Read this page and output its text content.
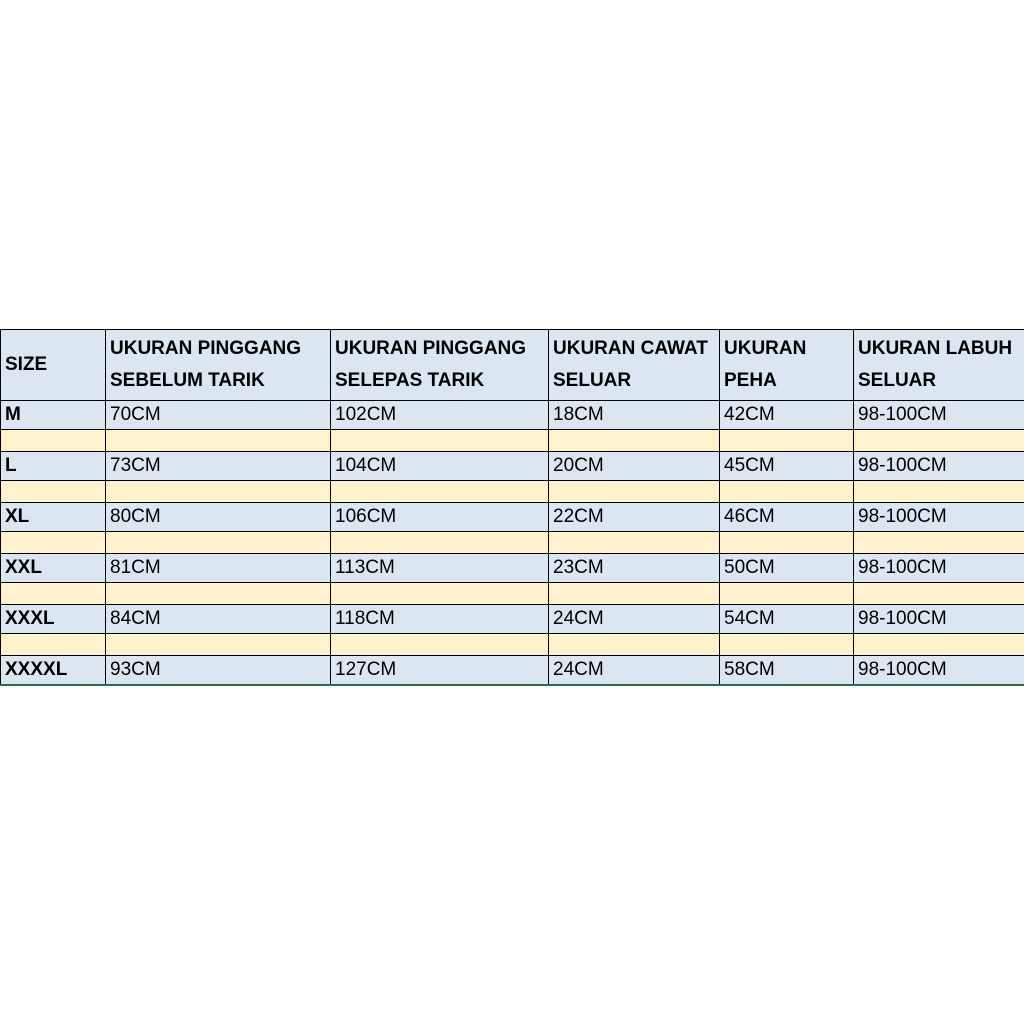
SIZE	UKURAN PINGGANG SEBELUM TARIK	UKURAN PINGGANG SELEPAS TARIK	UKURAN CAWAT SELUAR	UKURAN PEHA	UKURAN LABUH SELUAR
M	70CM	102CM	18CM	42CM	98-100CM

L	73CM	104CM	20CM	45CM	98-100CM

XL	80CM	106CM	22CM	46CM	98-100CM

XXL	81CM	113CM	23CM	50CM	98-100CM

XXXL	84CM	118CM	24CM	54CM	98-100CM

XXXXL	93CM	127CM	24CM	58CM	98-100CM
